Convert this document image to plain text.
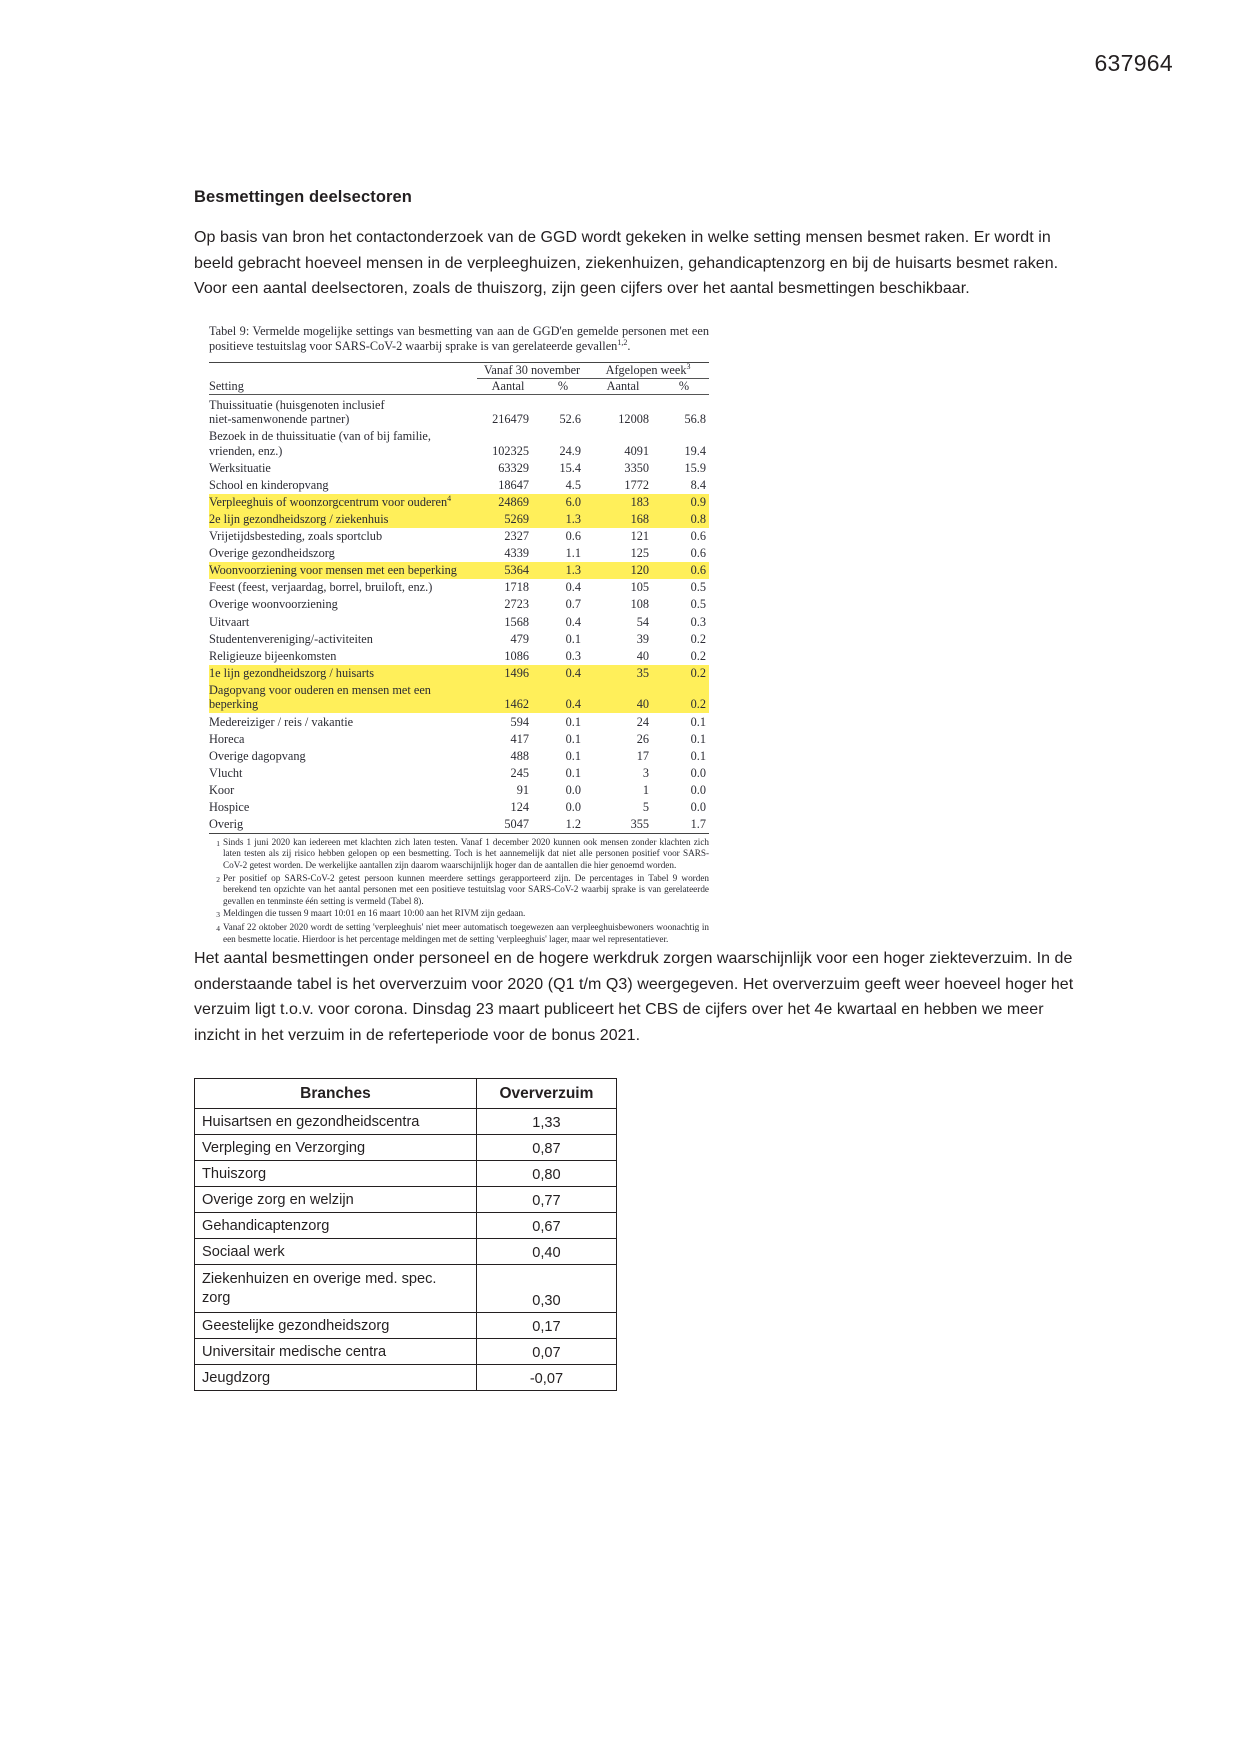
637964
Besmettingen deelsectoren

Op basis van bron het contactonderzoek van de GGD wordt gekeken in welke setting mensen besmet raken. Er wordt in beeld gebracht hoeveel mensen in de verpleeghuizen, ziekenhuizen, gehandicaptenzorg en bij de huisarts besmet raken. Voor een aantal deelsectoren, zoals de thuiszorg, zijn geen cijfers over het aantal besmettingen beschikbaar.

Tabel 9: Vermelde mogelijke settings van besmetting van aan de GGD'en gemelde personen met een positieve testuitslag voor SARS-CoV-2 waarbij sprake is van gerelateerde gevallen$^{1,2}$.
	Vanaf 30 november		Afgelopen week$^3$
Setting	Aantal	%	Aantal	%
Thuissituatie (huisgenoten inclusief
niet-samenwonende partner)	216479	52.6	12008	56.8
Bezoek in de thuissituatie (van of bij familie,
vrienden, enz.)	102325	24.9	4091	19.4
Werksituatie	63329	15.4	3350	15.9
School en kinderopvang	18647	4.5	1772	8.4
Verpleeghuis of woonzorgcentrum voor ouderen$^4$	24869	6.0	183	0.9
2e lijn gezondheidszorg / ziekenhuis	5269	1.3	168	0.8
Vrijetijdsbesteding, zoals sportclub	2327	0.6	121	0.6
Overige gezondheidszorg	4339	1.1	125	0.6
Woonvoorziening voor mensen met een beperking	5364	1.3	120	0.6
Feest (feest, verjaardag, borrel, bruiloft, enz.)	1718	0.4	105	0.5
Overige woonvoorziening	2723	0.7	108	0.5
Uitvaart	1568	0.4	54	0.3
Studentenvereniging/-activiteiten	479	0.1	39	0.2
Religieuze bijeenkomsten	1086	0.3	40	0.2
1e lijn gezondheidszorg / huisarts	1496	0.4	35	0.2
Dagopvang voor ouderen en mensen met een
beperking	1462	0.4	40	0.2
Medereiziger / reis / vakantie	594	0.1	24	0.1
Horeca	417	0.1	26	0.1
Overige dagopvang	488	0.1	17	0.1
Vlucht	245	0.1	3	0.0
Koor	91	0.0	1	0.0
Hospice	124	0.0	5	0.0
Overig	5047	1.2	355	1.7
1 Sinds 1 juni 2020 kan iedereen met klachten zich laten testen. Vanaf 1 december 2020 kunnen ook mensen zonder klachten zich laten testen als zij risico hebben gelopen op een besmetting. Toch is het aannemelijk dat niet alle personen positief voor SARS-CoV-2 getest worden. De werkelijke aantallen zijn daarom waarschijnlijk hoger dan de aantallen die hier genoemd worden.
2 Per positief op SARS-CoV-2 getest persoon kunnen meerdere settings gerapporteerd zijn. De percentages in Tabel 9 worden berekend ten opzichte van het aantal personen met een positieve testuitslag voor SARS-CoV-2 waarbij sprake is van gerelateerde gevallen en tenminste één setting is vermeld (Tabel 8).
3 Meldingen die tussen 9 maart 10:01 en 16 maart 10:00 aan het RIVM zijn gedaan.
4 Vanaf 22 oktober 2020 wordt de setting 'verpleeghuis' niet meer automatisch toegewezen aan verpleeghuisbewoners woonachtig in een besmette locatie. Hierdoor is het percentage meldingen met de setting 'verpleeghuis' lager, maar wel representatiever.

Het aantal besmettingen onder personeel en de hogere werkdruk zorgen waarschijnlijk voor een hoger ziekteverzuim. In de onderstaande tabel is het oververzuim voor 2020 (Q1 t/m Q3) weergegeven. Het oververzuim geeft weer hoeveel hoger het verzuim ligt t.o.v. voor corona. Dinsdag 23 maart publiceert het CBS de cijfers over het 4e kwartaal en hebben we meer inzicht in het verzuim in de referteperiode voor de bonus 2021.

Branches	Oververzuim
Huisartsen en gezondheidscentra	1,33
Verpleging en Verzorging	0,87
Thuiszorg	0,80
Overige zorg en welzijn	0,77
Gehandicaptenzorg	0,67
Sociaal werk	0,40
Ziekenhuizen en overige med. spec.
zorg	0,30
Geestelijke gezondheidszorg	0,17
Universitair medische centra	0,07
Jeugdzorg	-0,07
